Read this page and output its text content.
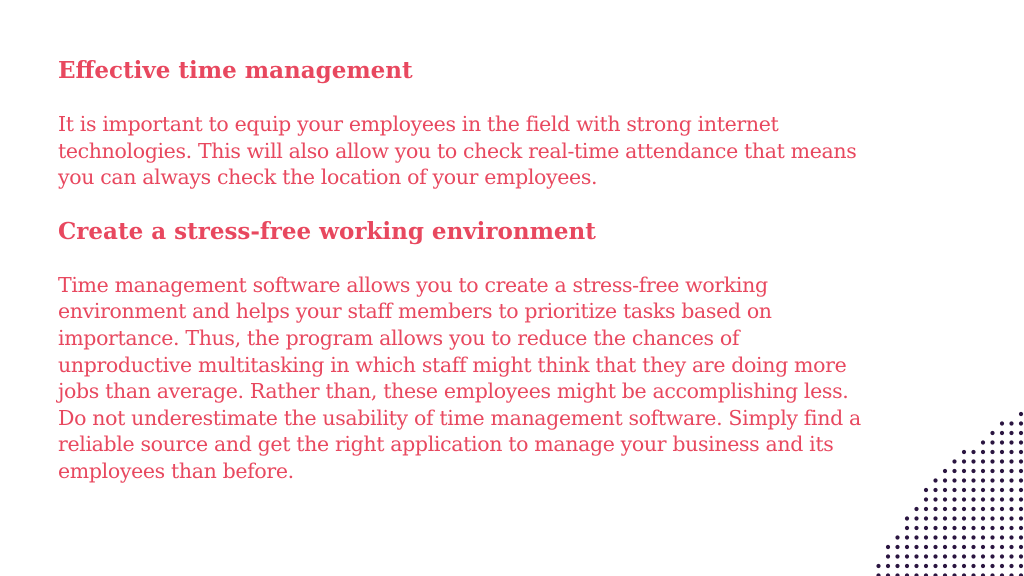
Effective time management

It is important to equip your employees in the field with strong internet
technologies. This will also allow you to check real-time attendance that means
you can always check the location of your employees.

Create a stress-free working environment

Time management software allows you to create a stress-free working
environment and helps your staff members to prioritize tasks based on
importance. Thus, the program allows you to reduce the chances of
unproductive multitasking in which staff might think that they are doing more
jobs than average. Rather than, these employees might be accomplishing less.
Do not underestimate the usability of time management software. Simply find a
reliable source and get the right application to manage your business and its
employees than before.
